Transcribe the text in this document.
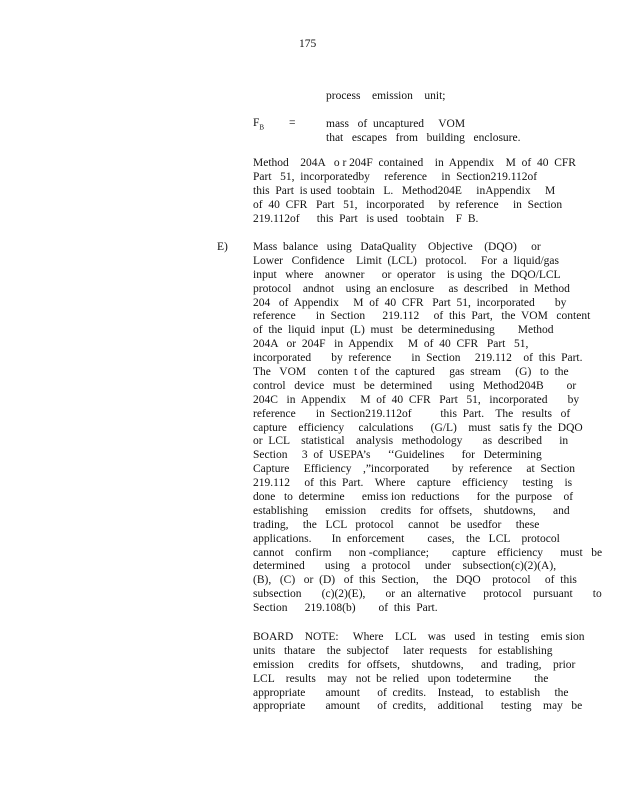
175
process    emission    unit;
$F_B$ =	mass   of  uncaptured     VOM
that   escapes   from   building   enclosure.
Method    204A   o r 204F  contained    in  Appendix    M  of  40  CFR
Part   51,  incorporatedby     reference     in  Section219.112of
this  Part  is used  toobtain   L.   Method204E     inAppendix     M
of  40  CFR   Part   51,   incorporated     by  reference     in  Section
219.112of      this  Part   is used   toobtain    F  B.
E) Mass  balance   using   DataQuality    Objective    (DQO)     or
Lower   Confidence    Limit  (LCL)   protocol.     For  a  liquid/gas
input   where    anowner      or  operator    is using   the  DQO/LCL
protocol    andnot    using  an enclosure     as  described    in  Method
204   of  Appendix     M  of  40  CFR   Part  51,  incorporated       by
reference       in  Section      219.112     of  this  Part,   the  VOM   content
of  the  liquid  input  (L)  must   be  determinedusing        Method
204A   or  204F   in  Appendix     M  of  40  CFR   Part   51,
incorporated       by  reference       in  Section     219.112    of  this  Part.
The   VOM    conten  t of  the  captured     gas  stream     (G)   to  the
control   device   must   be  determined      using   Method204B        or
204C   in  Appendix     M  of  40  CFR   Part   51,   incorporated       by
reference       in  Section219.112of          this  Part.    The   results   of
capture    efficiency     calculations      (G/L)    must   satis fy  the  DQO
or  LCL    statistical    analysis   methodology       as  described      in
Section     3  of  USEPA’s      ‘‘Guidelines      for   Determining
Capture     Efficiency    ,”incorporated        by  reference     at  Section
219.112     of  this  Part.    Where    capture    efficiency     testing    is
done   to  determine      emiss ion  reductions      for  the  purpose    of
establishing      emission     credits   for  offsets,    shutdowns,      and
trading,     the   LCL   protocol     cannot    be  usedfor     these
applications.       In  enforcement        cases,    the   LCL    protocol
cannot    confirm      non -compliance;        capture    efficiency      must   be
determined       using    a  protocol     under    subsection(c)(2)(A),
(B),   (C)   or  (D)   of  this  Section,     the   DQO    protocol     of  this
subsection       (c)(2)(E),       or  an  alternative      protocol    pursuant       to
Section      219.108(b)        of  this  Part.
BOARD    NOTE:     Where    LCL    was   used   in  testing    emis sion
units   thatare    the  subjectof     later  requests    for  establishing
emission     credits   for  offsets,    shutdowns,      and   trading,    prior
LCL    results    may   not  be  relied   upon  todetermine        the
appropriate       amount      of  credits.    Instead,    to  establish     the
appropriate       amount      of  credits,    additional      testing    may   be
